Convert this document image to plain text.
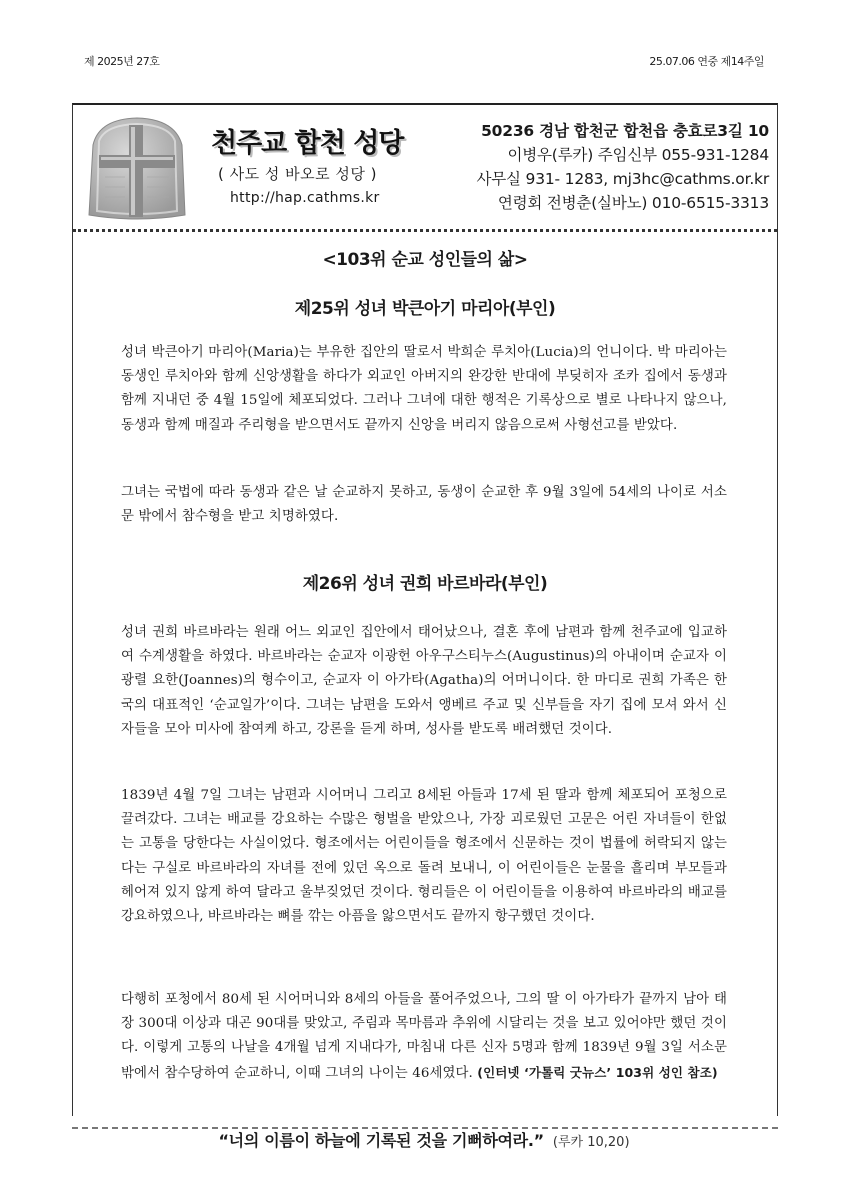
제 2025년 27호	25.07.06 연중 제14주일
천주교 합천 성당
( 사도 성 바오로 성당 )
http://hap.cathms.kr
50236 경남 합천군 합천읍 충효로3길 10
이병우(루카) 주임신부 055-931-1284
사무실 931- 1283, mj3hc@cathms.or.kr
연령회 전병춘(실바노) 010-6515-3313
<103위 순교 성인들의 삶>
제25위 성녀 박큰아기 마리아(부인)

성녀 박큰아기 마리아(Maria)는 부유한 집안의 딸로서 박희순 루치아(Lucia)의 언니이다. 박 마리아는 동생인 루치아와 함께 신앙생활을 하다가 외교인 아버지의 완강한 반대에 부딪히자 조카 집에서 동생과 함께 지내던 중 4월 15일에 체포되었다. 그러나 그녀에 대한 행적은 기록상으로 별로 나타나지 않으나, 동생과 함께 매질과 주리형을 받으면서도 끝까지 신앙을 버리지 않음으로써 사형선고를 받았다.

그녀는 국법에 따라 동생과 같은 날 순교하지 못하고, 동생이 순교한 후 9월 3일에 54세의 나이로 서소문 밖에서 참수형을 받고 치명하였다.

제26위 성녀 권희 바르바라(부인)

성녀 권희 바르바라는 원래 어느 외교인 집안에서 태어났으나, 결혼 후에 남편과 함께 천주교에 입교하여 수계생활을 하였다. 바르바라는 순교자 이광헌 아우구스티누스(Augustinus)의 아내이며 순교자 이광렬 요한(Joannes)의 형수이고, 순교자 이 아가타(Agatha)의 어머니이다. 한 마디로 권희 가족은 한국의 대표적인 ‘순교일가’이다. 그녀는 남편을 도와서 앵베르 주교 및 신부들을 자기 집에 모셔 와서 신자들을 모아 미사에 참여케 하고, 강론을 듣게 하며, 성사를 받도록 배려했던 것이다.

1839년 4월 7일 그녀는 남편과 시어머니 그리고 8세된 아들과 17세 된 딸과 함께 체포되어 포청으로 끌려갔다. 그녀는 배교를 강요하는 수많은 형벌을 받았으나, 가장 괴로웠던 고문은 어린 자녀들이 한없는 고통을 당한다는 사실이었다. 형조에서는 어린이들을 형조에서 신문하는 것이 법률에 허락되지 않는다는 구실로 바르바라의 자녀를 전에 있던 옥으로 돌려 보내니, 이 어린이들은 눈물을 흘리며 부모들과 헤어져 있지 않게 하여 달라고 울부짖었던 것이다. 형리들은 이 어린이들을 이용하여 바르바라의 배교를 강요하였으나, 바르바라는 뼈를 깎는 아픔을 앓으면서도 끝까지 항구했던 것이다.

다행히 포청에서 80세 된 시어머니와 8세의 아들을 풀어주었으나, 그의 딸 이 아가타가 끝까지 남아 태장 300대 이상과 대곤 90대를 맞았고, 주림과 목마름과 추위에 시달리는 것을 보고 있어야만 했던 것이다. 이렇게 고통의 나날을 4개월 넘게 지내다가, 마침내 다른 신자 5명과 함께 1839년 9월 3일 서소문 밖에서 참수당하여 순교하니, 이때 그녀의 나이는 46세였다. (인터넷 ‘가톨릭 굿뉴스’ 103위 성인 참조)

“너의 이름이 하늘에 기록된 것을 기뻐하여라.” (루카 10,20)
